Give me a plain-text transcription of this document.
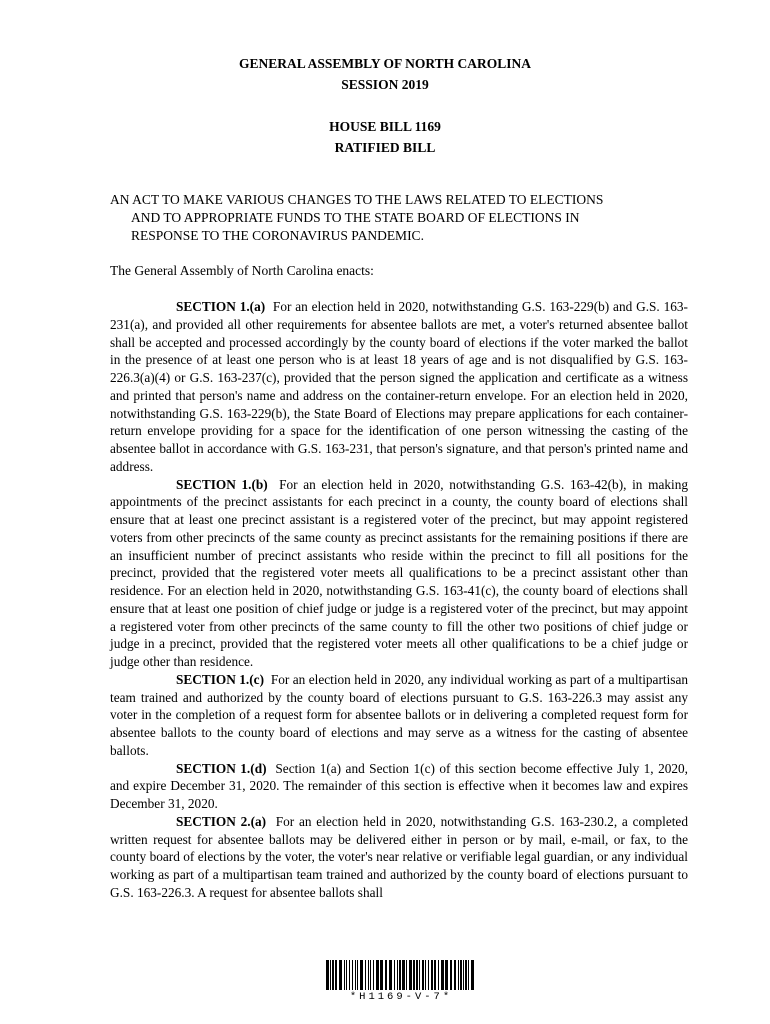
GENERAL ASSEMBLY OF NORTH CAROLINA
SESSION 2019
HOUSE BILL 1169
RATIFIED BILL
AN ACT TO MAKE VARIOUS CHANGES TO THE LAWS RELATED TO ELECTIONS
AND TO APPROPRIATE FUNDS TO THE STATE BOARD OF ELECTIONS IN
RESPONSE TO THE CORONAVIRUS PANDEMIC.
The General Assembly of North Carolina enacts:

SECTION 1.(a) For an election held in 2020, notwithstanding G.S. 163-229(b) and G.S. 163-231(a), and provided all other requirements for absentee ballots are met, a voter's returned absentee ballot shall be accepted and processed accordingly by the county board of elections if the voter marked the ballot in the presence of at least one person who is at least 18 years of age and is not disqualified by G.S. 163-226.3(a)(4) or G.S. 163-237(c), provided that the person signed the application and certificate as a witness and printed that person's name and address on the container-return envelope. For an election held in 2020, notwithstanding G.S. 163-229(b), the State Board of Elections may prepare applications for each container-return envelope providing for a space for the identification of one person witnessing the casting of the absentee ballot in accordance with G.S. 163-231, that person's signature, and that person's printed name and address.

SECTION 1.(b) For an election held in 2020, notwithstanding G.S. 163-42(b), in making appointments of the precinct assistants for each precinct in a county, the county board of elections shall ensure that at least one precinct assistant is a registered voter of the precinct, but may appoint registered voters from other precincts of the same county as precinct assistants for the remaining positions if there are an insufficient number of precinct assistants who reside within the precinct to fill all positions for the precinct, provided that the registered voter meets all qualifications to be a precinct assistant other than residence. For an election held in 2020, notwithstanding G.S. 163-41(c), the county board of elections shall ensure that at least one position of chief judge or judge is a registered voter of the precinct, but may appoint a registered voter from other precincts of the same county to fill the other two positions of chief judge or judge in a precinct, provided that the registered voter meets all other qualifications to be a chief judge or judge other than residence.

SECTION 1.(c) For an election held in 2020, any individual working as part of a multipartisan team trained and authorized by the county board of elections pursuant to G.S. 163-226.3 may assist any voter in the completion of a request form for absentee ballots or in delivering a completed request form for absentee ballots to the county board of elections and may serve as a witness for the casting of absentee ballots.

SECTION 1.(d) Section 1(a) and Section 1(c) of this section become effective July 1, 2020, and expire December 31, 2020. The remainder of this section is effective when it becomes law and expires December 31, 2020.

SECTION 2.(a) For an election held in 2020, notwithstanding G.S. 163-230.2, a completed written request for absentee ballots may be delivered either in person or by mail, e-mail, or fax, to the county board of elections by the voter, the voter's near relative or verifiable legal guardian, or any individual working as part of a multipartisan team trained and authorized by the county board of elections pursuant to G.S. 163-226.3. A request for absentee ballots shall

*H1169-V-7*
